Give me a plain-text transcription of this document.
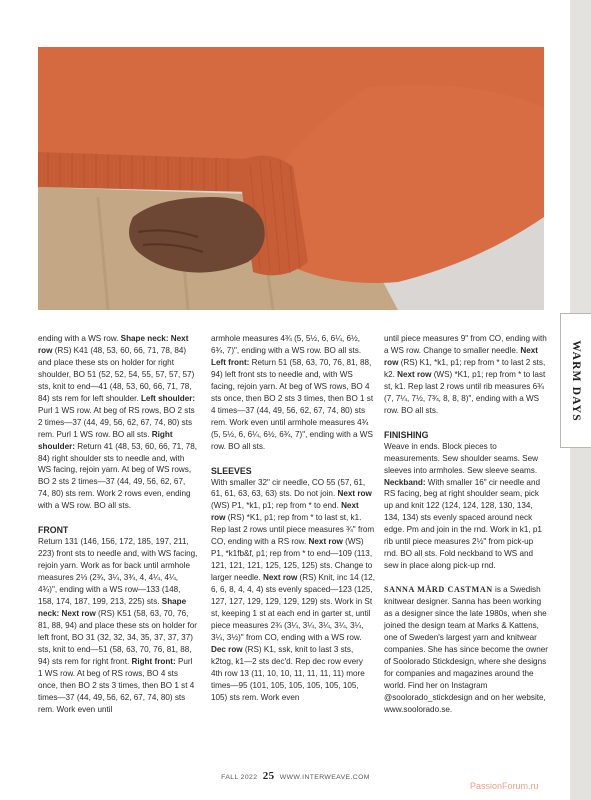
WARM DAYS

ending with a WS row. Shape neck: Next row (RS) K41 (48, 53, 60, 66, 71, 78, 84) and place these sts on holder for right shoulder, BO 51 (52, 52, 54, 55, 57, 57, 57) sts, knit to end—41 (48, 53, 60, 66, 71, 78, 84) sts rem for left shoulder. Left shoulder: Purl 1 WS row. At beg of RS rows, BO 2 sts 2 times—37 (44, 49, 56, 62, 67, 74, 80) sts rem. Purl 1 WS row. BO all sts. Right shoulder: Return 41 (48, 53, 60, 66, 71, 78, 84) right shoulder sts to needle and, with WS facing, rejoin yarn. At beg of WS rows, BO 2 sts 2 times—37 (44, 49, 56, 62, 67, 74, 80) sts rem. Work 2 rows even, ending with a WS row. BO all sts.

FRONT

Return 131 (146, 156, 172, 185, 197, 211, 223) front sts to needle and, with WS facing, rejoin yarn. Work as for back until armhole measures 2⅓ (2¾, 3¼, 3¾, 4, 4¼, 4¼, 4¾)", ending with a WS row—133 (148, 158, 174, 187, 199, 213, 225) sts. Shape neck: Next row (RS) K51 (58, 63, 70, 76, 81, 88, 94) and place these sts on holder for left front, BO 31 (32, 32, 34, 35, 37, 37, 37) sts, knit to end—51 (58, 63, 70, 76, 81, 88, 94) sts rem for right front. Right front: Purl 1 WS row. At beg of RS rows, BO 4 sts once, then BO 2 sts 3 times, then BO 1 st 4 times—37 (44, 49, 56, 62, 67, 74, 80) sts rem. Work even until

armhole measures 4¾ (5, 5½, 6, 6¼, 6½, 6¾, 7)", ending with a WS row. BO all sts. Left front: Return 51 (58, 63, 70, 76, 81, 88, 94) left front sts to needle and, with WS facing, rejoin yarn. At beg of WS rows, BO 4 sts once, then BO 2 sts 3 times, then BO 1 st 4 times—37 (44, 49, 56, 62, 67, 74, 80) sts rem. Work even until armhole measures 4¾ (5, 5½, 6, 6¼, 6½, 6¾, 7)", ending with a WS row. BO all sts.

SLEEVES

With smaller 32" cir needle, CO 55 (57, 61, 61, 61, 63, 63, 63) sts. Do not join. Next row (WS) P1, *k1, p1; rep from * to end. Next row (RS) *K1, p1; rep from * to last st, k1. Rep last 2 rows until piece measures ¾" from CO, ending with a RS row. Next row (WS) P1, *k1fb&f, p1; rep from * to end—109 (113, 121, 121, 121, 125, 125, 125) sts. Change to larger needle. Next row (RS) Knit, inc 14 (12, 6, 6, 8, 4, 4, 4) sts evenly spaced—123 (125, 127, 127, 129, 129, 129, 129) sts. Work in St st, keeping 1 st at each end in garter st, until piece measures 2¾ (3¼, 3¼, 3¼, 3¼, 3¼, 3¼, 3½)" from CO, ending with a WS row. Dec row (RS) K1, ssk, knit to last 3 sts, k2tog, k1—2 sts dec'd. Rep dec row every 4th row 13 (11, 10, 10, 11, 11, 11, 11) more times—95 (101, 105, 105, 105, 105, 105, 105) sts rem. Work even

until piece measures 9" from CO, ending with a WS row. Change to smaller needle. Next row (RS) K1, *k1, p1; rep from * to last 2 sts, k2. Next row (WS) *K1, p1; rep from * to last st, k1. Rep last 2 rows until rib measures 6¾ (7, 7¼, 7½, 7¾, 8, 8, 8)", ending with a WS row. BO all sts.

FINISHING

Weave in ends. Block pieces to measurements. Sew shoulder seams. Sew sleeves into armholes. Sew sleeve seams. Neckband: With smaller 16" cir needle and RS facing, beg at right shoulder seam, pick up and knit 122 (124, 124, 128, 130, 134, 134, 134) sts evenly spaced around neck edge. Pm and join in the rnd. Work in k1, p1 rib until piece measures 2½" from pick-up rnd. BO all sts. Fold neckband to WS and sew in place along pick-up rnd.

SANNA MÅRD CASTMAN is a Swedish knitwear designer. Sanna has been working as a designer since the late 1980s, when she joined the design team at Marks & Kattens, one of Sweden's largest yarn and knitwear companies. She has since become the owner of Soolorado Stickdesign, where she designs for companies and magazines around the world. Find her on Instagram @soolorado_stickdesign and on her website, www.soolorado.se.

FALL 2022 25 WWW.INTERWEAVE.COM
PassionForum.ru
